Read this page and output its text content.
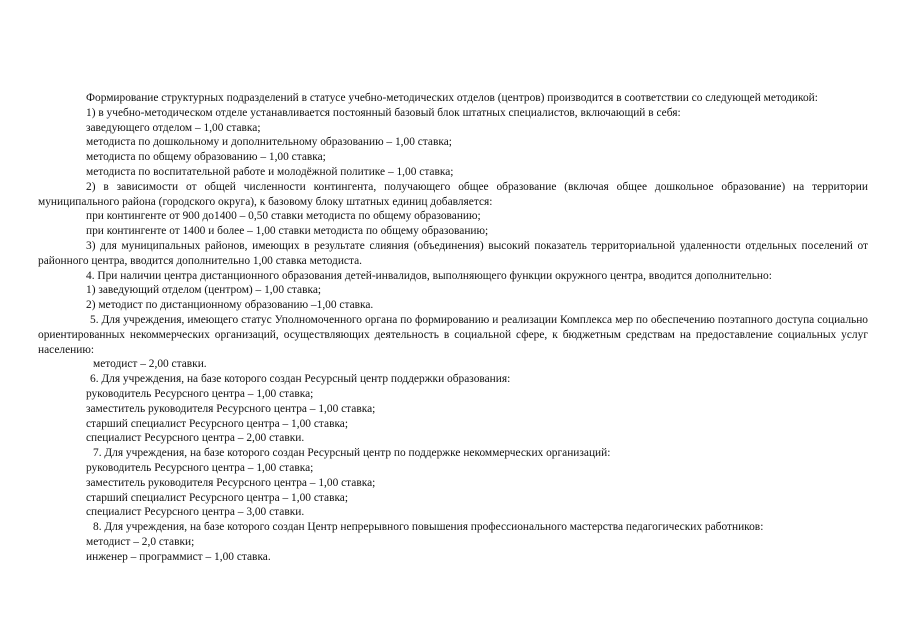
Формирование структурных подразделений в статусе учебно-методических отделов (центров) производится в соответствии со следующей методикой:

1) в учебно-методическом отделе устанавливается постоянный базовый блок штатных специалистов, включающий в себя:

заведующего отделом – 1,00 ставка;

методиста по дошкольному и дополнительному образованию – 1,00 ставка;

методиста по общему образованию – 1,00 ставка;

методиста по воспитательной работе и молодёжной политике – 1,00 ставка;

2) в зависимости от общей численности контингента, получающего общее образование (включая общее дошкольное образование) на территории муниципального района (городского округа), к базовому блоку штатных единиц добавляется:

при контингенте от 900 до1400 – 0,50 ставки методиста по общему образованию;

при контингенте от 1400 и более – 1,00 ставки методиста по общему образованию;

3) для муниципальных районов, имеющих в результате слияния (объединения) высокий показатель территориальной удаленности отдельных поселений от районного центра, вводится дополнительно 1,00 ставка методиста.

4. При наличии центра дистанционного образования детей-инвалидов, выполняющего функции окружного центра, вводится дополнительно:

1) заведующий отделом (центром) – 1,00 ставка;

2) методист по дистанционному образованию –1,00 ставка.

5. Для учреждения, имеющего статус Уполномоченного органа по формированию и реализации Комплекса мер по обеспечению поэтапного доступа социально ориентированных некоммерческих организаций, осуществляющих деятельность в социальной сфере, к бюджетным средствам на предоставление социальных услуг населению:

методист – 2,00 ставки.

6. Для учреждения, на базе которого создан Ресурсный центр поддержки образования:

руководитель Ресурсного центра – 1,00 ставка;

заместитель руководителя Ресурсного центра – 1,00 ставка;

старший специалист Ресурсного центра – 1,00 ставка;

специалист Ресурсного центра – 2,00 ставки.

7. Для учреждения, на базе которого создан Ресурсный центр по поддержке некоммерческих организаций:

руководитель Ресурсного центра – 1,00 ставка;

заместитель руководителя Ресурсного центра – 1,00 ставка;

старший специалист Ресурсного центра – 1,00 ставка;

специалист Ресурсного центра – 3,00 ставки.

8. Для учреждения, на базе которого создан Центр непрерывного повышения профессионального мастерства педагогических работников:

методист – 2,0 ставки;

инженер – программист – 1,00 ставка.
